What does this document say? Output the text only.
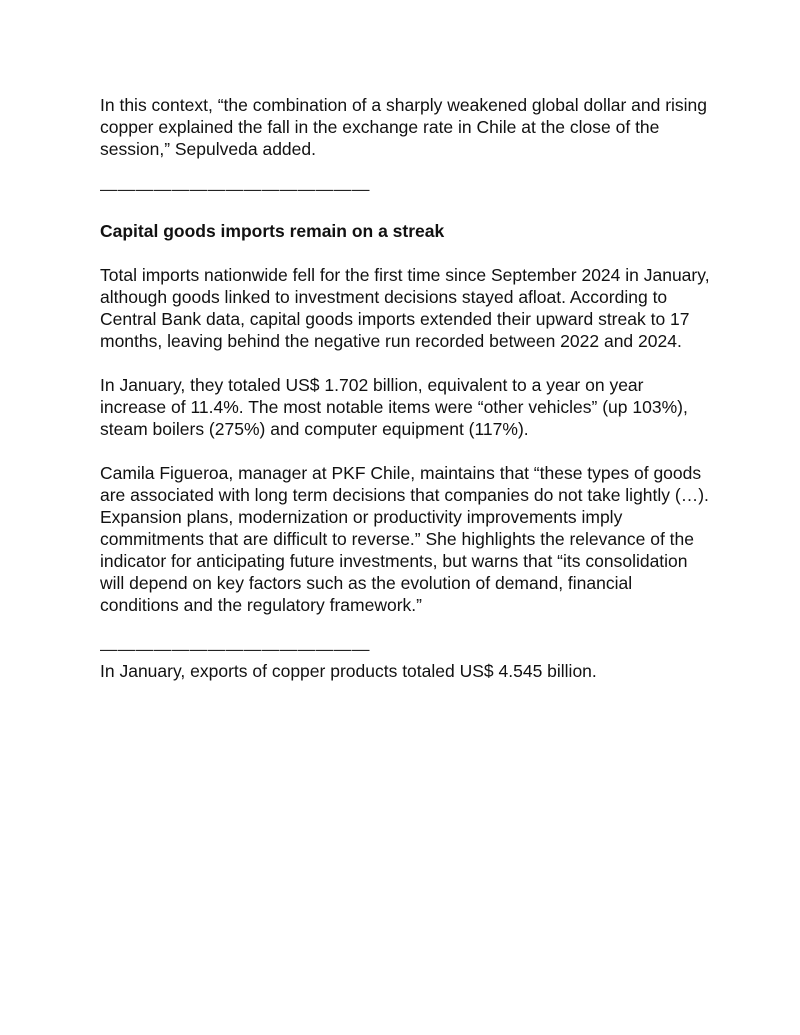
In this context, “the combination of a sharply weakened global dollar and rising copper explained the fall in the exchange rate in Chile at the close of the session,” Sepulveda added.

———————————————

Capital goods imports remain on a streak

Total imports nationwide fell for the first time since September 2024 in January, although goods linked to investment decisions stayed afloat. According to Central Bank data, capital goods imports extended their upward streak to 17 months, leaving behind the negative run recorded between 2022 and 2024.

In January, they totaled US$ 1.702 billion, equivalent to a year on year increase of 11.4%. The most notable items were “other vehicles” (up 103%), steam boilers (275%) and computer equipment (117%).

Camila Figueroa, manager at PKF Chile, maintains that “these types of goods are associated with long term decisions that companies do not take lightly (…). Expansion plans, modernization or productivity improvements imply commitments that are difficult to reverse.” She highlights the relevance of the indicator for anticipating future investments, but warns that “its consolidation will depend on key factors such as the evolution of demand, financial conditions and the regulatory framework.”

———————————————

In January, exports of copper products totaled US$ 4.545 billion.
